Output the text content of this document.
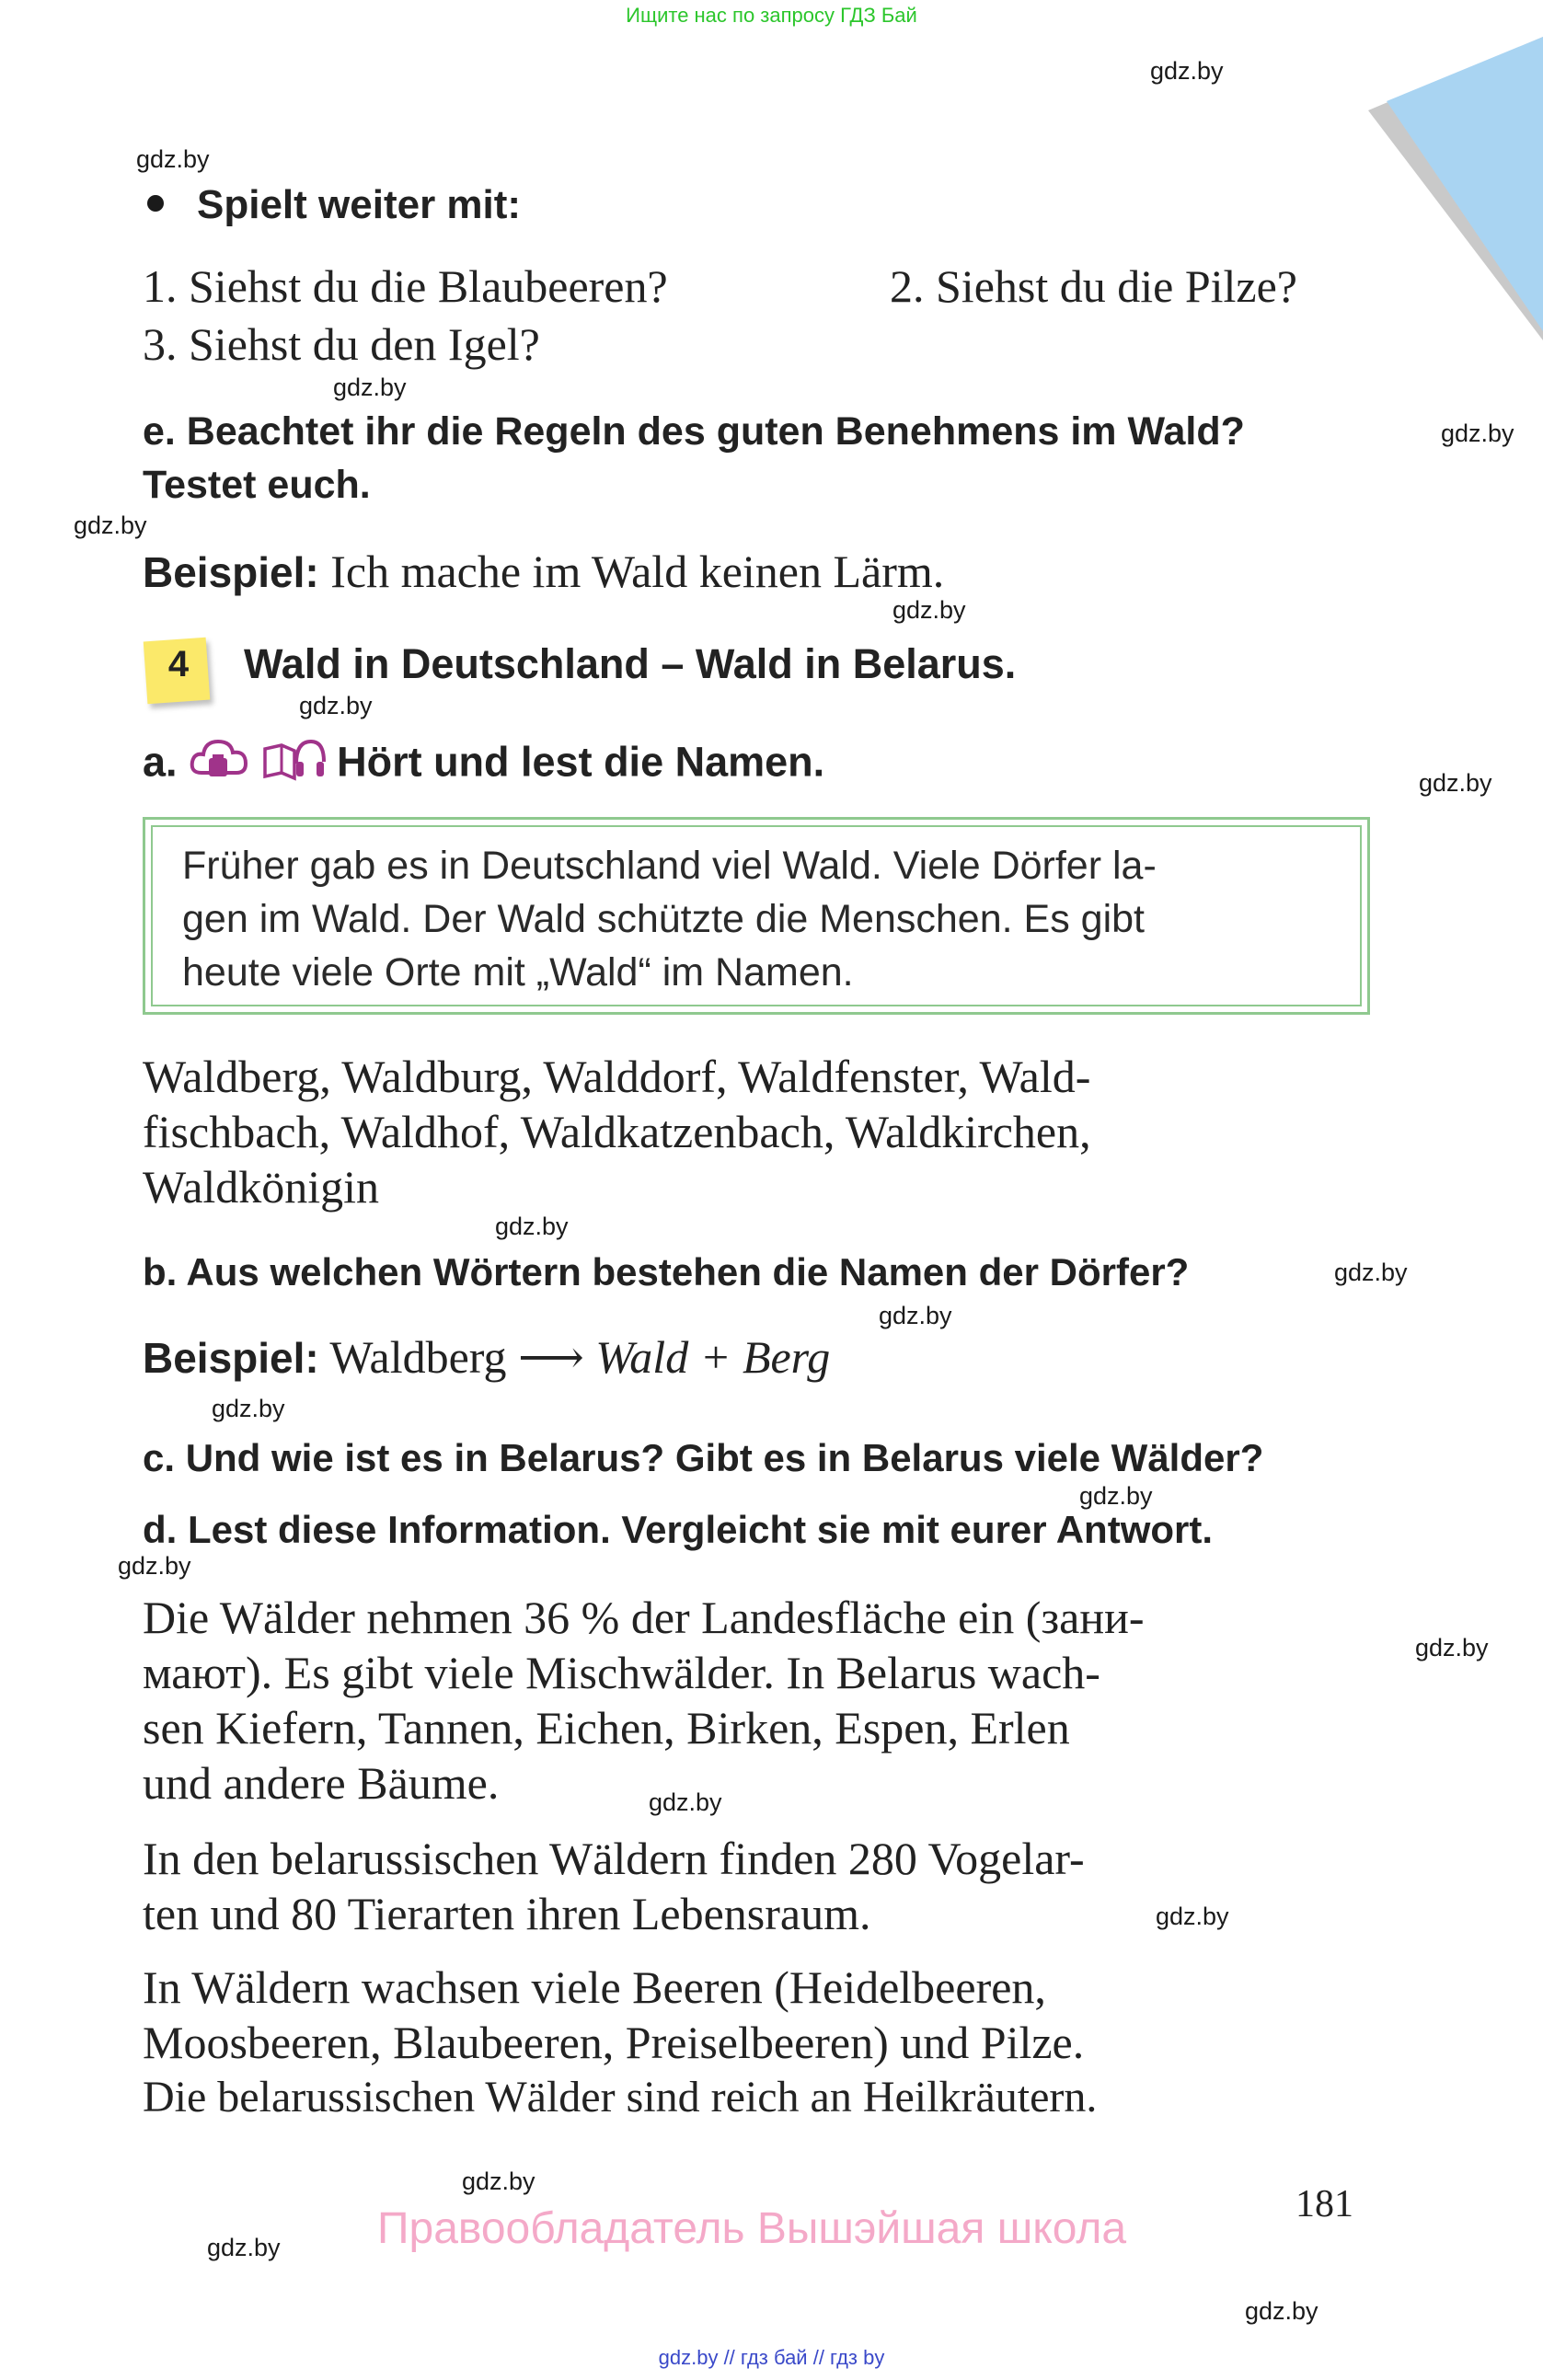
Ищите нас по запросу ГДЗ Бай
gdz.by
gdz.by
gdz.by
gdz.by
gdz.by
gdz.by
gdz.by
gdz.by
gdz.by
gdz.by
gdz.by
gdz.by
gdz.by
gdz.by
gdz.by
gdz.by
gdz.by
gdz.by
gdz.by
gdz.by
Spielt weiter mit:
1. Siehst du die Blaubeeren?	2. Siehst du die Pilze?
3. Siehst du den Igel?
e. Beachtet ihr die Regeln des guten Benehmens im Wald?
Testet euch.
Beispiel: Ich mache im Wald keinen Lärm.
4	Wald in Deutschland – Wald in Belarus.
a.	Hört und lest die Namen.
Früher gab es in Deutschland viel Wald. Viele Dörfer la-
gen im Wald. Der Wald schützte die Menschen. Es gibt
heute viele Orte mit „Wald“ im Namen.
Waldberg, Waldburg, Walddorf, Waldfenster, Wald-
fischbach, Waldhof, Waldkatzenbach, Waldkirchen,
Waldkönigin
b. Aus welchen Wörtern bestehen die Namen der Dörfer?
Beispiel: Waldberg ⟶ Wald + Berg
c. Und wie ist es in Belarus? Gibt es in Belarus viele Wälder?
d. Lest diese Information. Vergleicht sie mit eurer Antwort.
Die Wälder nehmen 36 % der Landesfläche ein (зани-
мают). Es gibt viele Mischwälder. In Belarus wach-
sen Kiefern, Tannen, Eichen, Birken, Espen, Erlen
und andere Bäume.
In den belarussischen Wäldern finden 280 Vogelar-
ten und 80 Tierarten ihren Lebensraum.
In Wäldern wachsen viele Beeren (Heidelbeeren,
Moosbeeren, Blaubeeren, Preiselbeeren) und Pilze.
Die belarussischen Wälder sind reich an Heilkräutern.
181
Правообладатель Вышэйшая школа
gdz.by // гдз бай // гдз by
